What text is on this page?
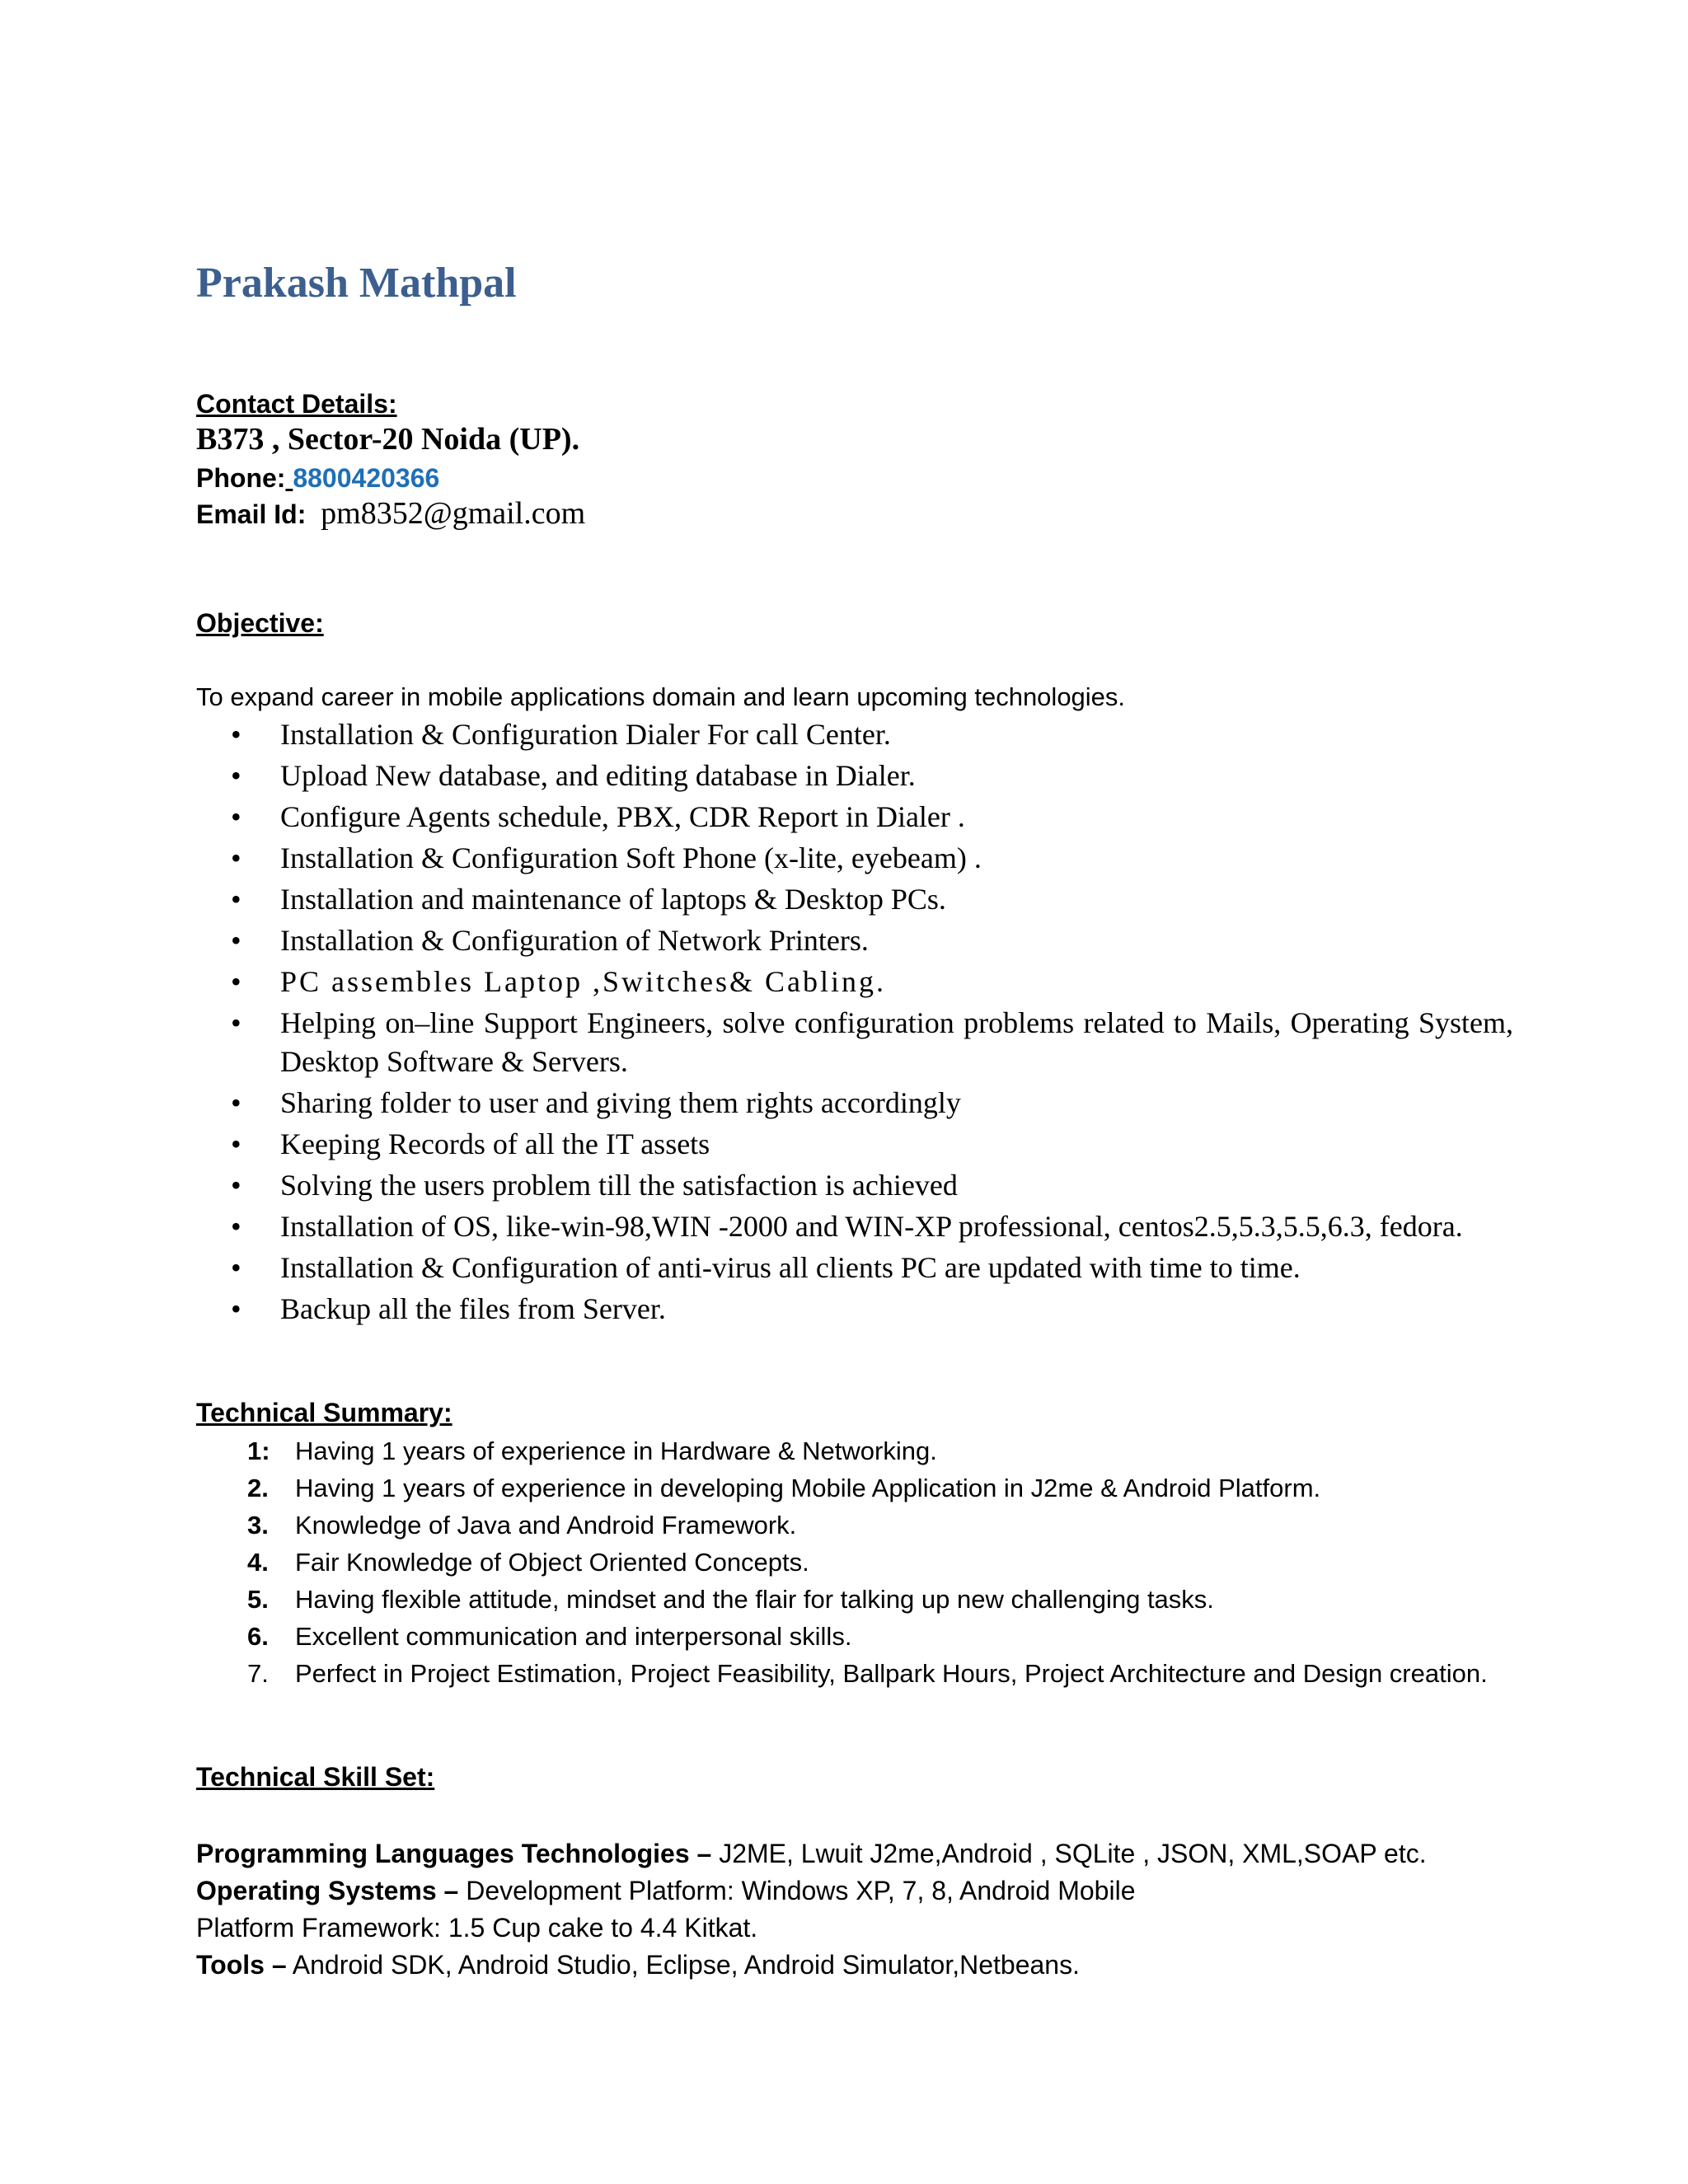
Prakash Mathpal
Contact Details:

B373 , Sector-20 Noida (UP).

Phone: 8800420366

Email Id: pm8352@gmail.com

Objective:

To expand career in mobile applications domain and learn upcoming technologies.

• Installation & Configuration Dialer For call Center.
• Upload New database, and editing database in Dialer.
• Configure Agents schedule, PBX, CDR Report in Dialer .
• Installation & Configuration Soft Phone (x-lite, eyebeam) .
• Installation and maintenance of laptops & Desktop PCs.
• Installation & Configuration of Network Printers.
• PC assembles Laptop ,Switches& Cabling.
• Helping on–line Support Engineers, solve configuration problems related to Mails, Operating System, Desktop Software & Servers.
• Sharing folder to user and giving them rights accordingly
• Keeping Records of all the IT assets
• Solving the users problem till the satisfaction is achieved
• Installation of OS, like-win-98,WIN -2000 and WIN-XP professional, centos2.5,5.3,5.5,6.3, fedora.
• Installation & Configuration of anti-virus all clients PC are updated with time to time.
• Backup all the files from Server.
Technical Summary:
1: Having 1 years of experience in Hardware & Networking.
2. Having 1 years of experience in developing Mobile Application in J2me & Android Platform.
3. Knowledge of Java and Android Framework.
4. Fair Knowledge of Object Oriented Concepts.
5. Having flexible attitude, mindset and the flair for talking up new challenging tasks.
6. Excellent communication and interpersonal skills.
7. Perfect in Project Estimation, Project Feasibility, Ballpark Hours, Project Architecture and Design creation.
Technical Skill Set:

Programming Languages Technologies – J2ME, Lwuit J2me,Android , SQLite , JSON, XML,SOAP etc.

Operating Systems – Development Platform: Windows XP, 7, 8, Android Mobile

Platform Framework: 1.5 Cup cake to 4.4 Kitkat.

Tools – Android SDK, Android Studio, Eclipse, Android Simulator,Netbeans.
